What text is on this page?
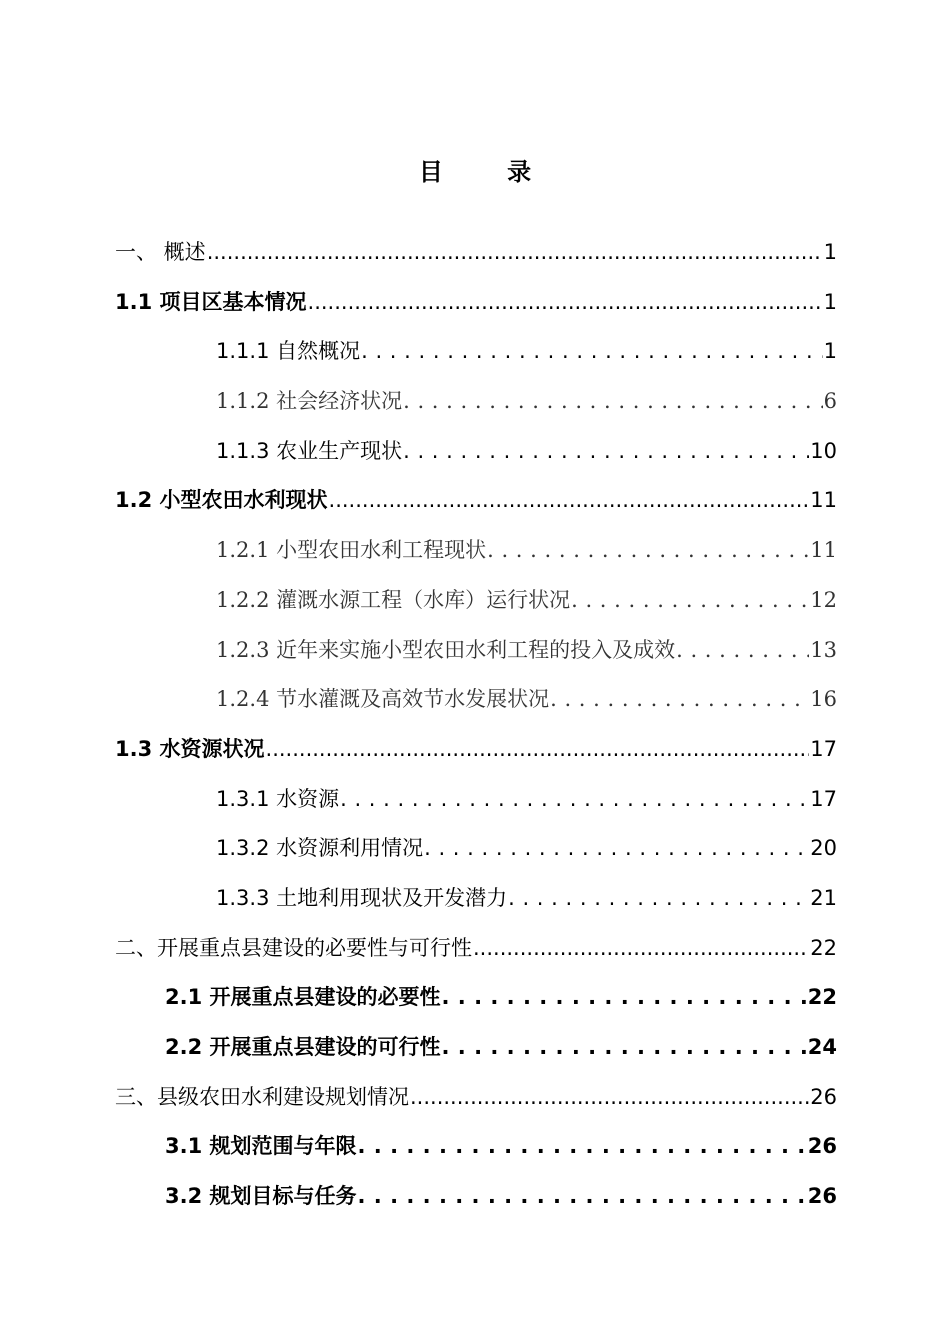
目 录
一、 概述 .....	1
1.1 项目区基本情况 .....	1
1.1.1 自然概况 . . .	1
1.1.2 社会经济状况 . . .	6
1.1.3 农业生产现状 . . .	10
1.2 小型农田水利现状 .....	11
1.2.1 小型农田水利工程现状 . . .	11
1.2.2 灌溉水源工程（水库）运行状况 . . .	12
1.2.3 近年来实施小型农田水利工程的投入及成效 . . .	13
1.2.4 节水灌溉及高效节水发展状况 . . .	16
1.3 水资源状况 .....	17
1.3.1 水资源 . . .	17
1.3.2 水资源利用情况 . . .	20
1.3.3 土地利用现状及开发潜力 . . .	21
二、开展重点县建设的必要性与可行性 .....	22
2.1 开展重点县建设的必要性 . . .	22
2.2 开展重点县建设的可行性 . . .	24
三、县级农田水利建设规划情况 .....	26
3.1 规划范围与年限 . . .	26
3.2 规划目标与任务 . . .	26
